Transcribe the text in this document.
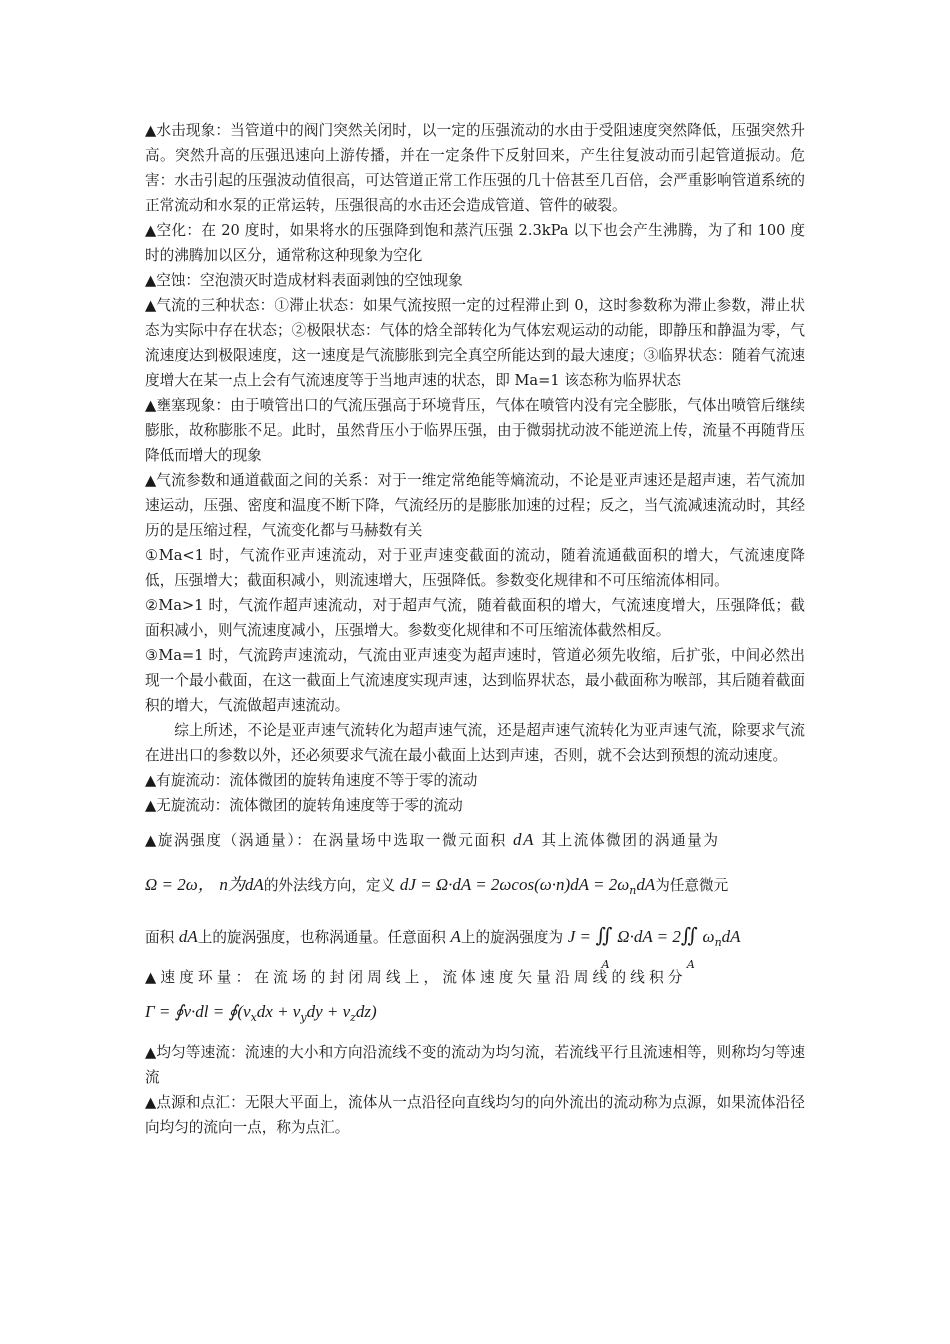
▲水击现象：当管道中的阀门突然关闭时，以一定的压强流动的水由于受阻速度突然降低，压强突然升高。突然升高的压强迅速向上游传播，并在一定条件下反射回来，产生往复波动而引起管道振动。危害：水击引起的压强波动值很高，可达管道正常工作压强的几十倍甚至几百倍，会严重影响管道系统的正常流动和水泵的正常运转，压强很高的水击还会造成管道、管件的破裂。

▲空化：在 20 度时，如果将水的压强降到饱和蒸汽压强 2.3kPa 以下也会产生沸腾，为了和 100 度时的沸腾加以区分，通常称这种现象为空化

▲空蚀：空泡溃灭时造成材料表面剥蚀的空蚀现象

▲气流的三种状态：①滞止状态：如果气流按照一定的过程滞止到 0，这时参数称为滞止参数，滞止状态为实际中存在状态；②极限状态：气体的焓全部转化为气体宏观运动的动能，即静压和静温为零，气流速度达到极限速度，这一速度是气流膨胀到完全真空所能达到的最大速度；③临界状态：随着气流速度增大在某一点上会有气流速度等于当地声速的状态，即 Ma=1 该态称为临界状态

▲壅塞现象：由于喷管出口的气流压强高于环境背压，气体在喷管内没有完全膨胀，气体出喷管后继续膨胀，故称膨胀不足。此时，虽然背压小于临界压强，由于微弱扰动波不能逆流上传，流量不再随背压降低而增大的现象

▲气流参数和通道截面之间的关系：对于一维定常绝能等熵流动，不论是亚声速还是超声速，若气流加速运动，压强、密度和温度不断下降，气流经历的是膨胀加速的过程；反之，当气流减速流动时，其经历的是压缩过程，气流变化都与马赫数有关

①Ma<1 时，气流作亚声速流动，对于亚声速变截面的流动，随着流通截面积的增大，气流速度降低，压强增大；截面积减小，则流速增大，压强降低。参数变化规律和不可压缩流体相同。

②Ma>1 时，气流作超声速流动，对于超声气流，随着截面积的增大，气流速度增大，压强降低；截面积减小，则气流速度减小，压强增大。参数变化规律和不可压缩流体截然相反。

③Ma=1 时，气流跨声速流动，气流由亚声速变为超声速时，管道必须先收缩，后扩张，中间必然出现一个最小截面，在这一截面上气流速度实现声速，达到临界状态，最小截面称为喉部，其后随着截面积的增大，气流做超声速流动。

综上所述，不论是亚声速气流转化为超声速气流，还是超声速气流转化为亚声速气流，除要求气流在进出口的参数以外，还必须要求气流在最小截面上达到声速，否则，就不会达到预想的流动速度。

▲有旋流动：流体微团的旋转角速度不等于零的流动

▲无旋流动：流体微团的旋转角速度等于零的流动

▲旋涡强度（涡通量）：在涡量场中选取一微元面积 dA 其上流体微团的涡通量为

Ω = 2ω， n为dA的外法线方向，定义 dJ = $\Omega\cdot dA = 2\omega\cos(\omega\cdot n)dA = 2\omega_ndA$为任意微元

面积 dA上的旋涡强度，也称涡通量。任意面积 A上的旋涡强度为 J = ∬
A
Ω·dA = 2∬
A
$\omega_ndA$

▲速度环量：在流场的封闭周线上，流体速度矢量沿周线的线积分

Γ = ∮v·dl = $∮(v_xdx + v_ydy + v_zdz)$

▲均匀等速流：流速的大小和方向沿流线不变的流动为均匀流，若流线平行且流速相等，则称均匀等速流

▲点源和点汇：无限大平面上，流体从一点沿径向直线均匀的向外流出的流动称为点源，如果流体沿径向均匀的流向一点，称为点汇。
